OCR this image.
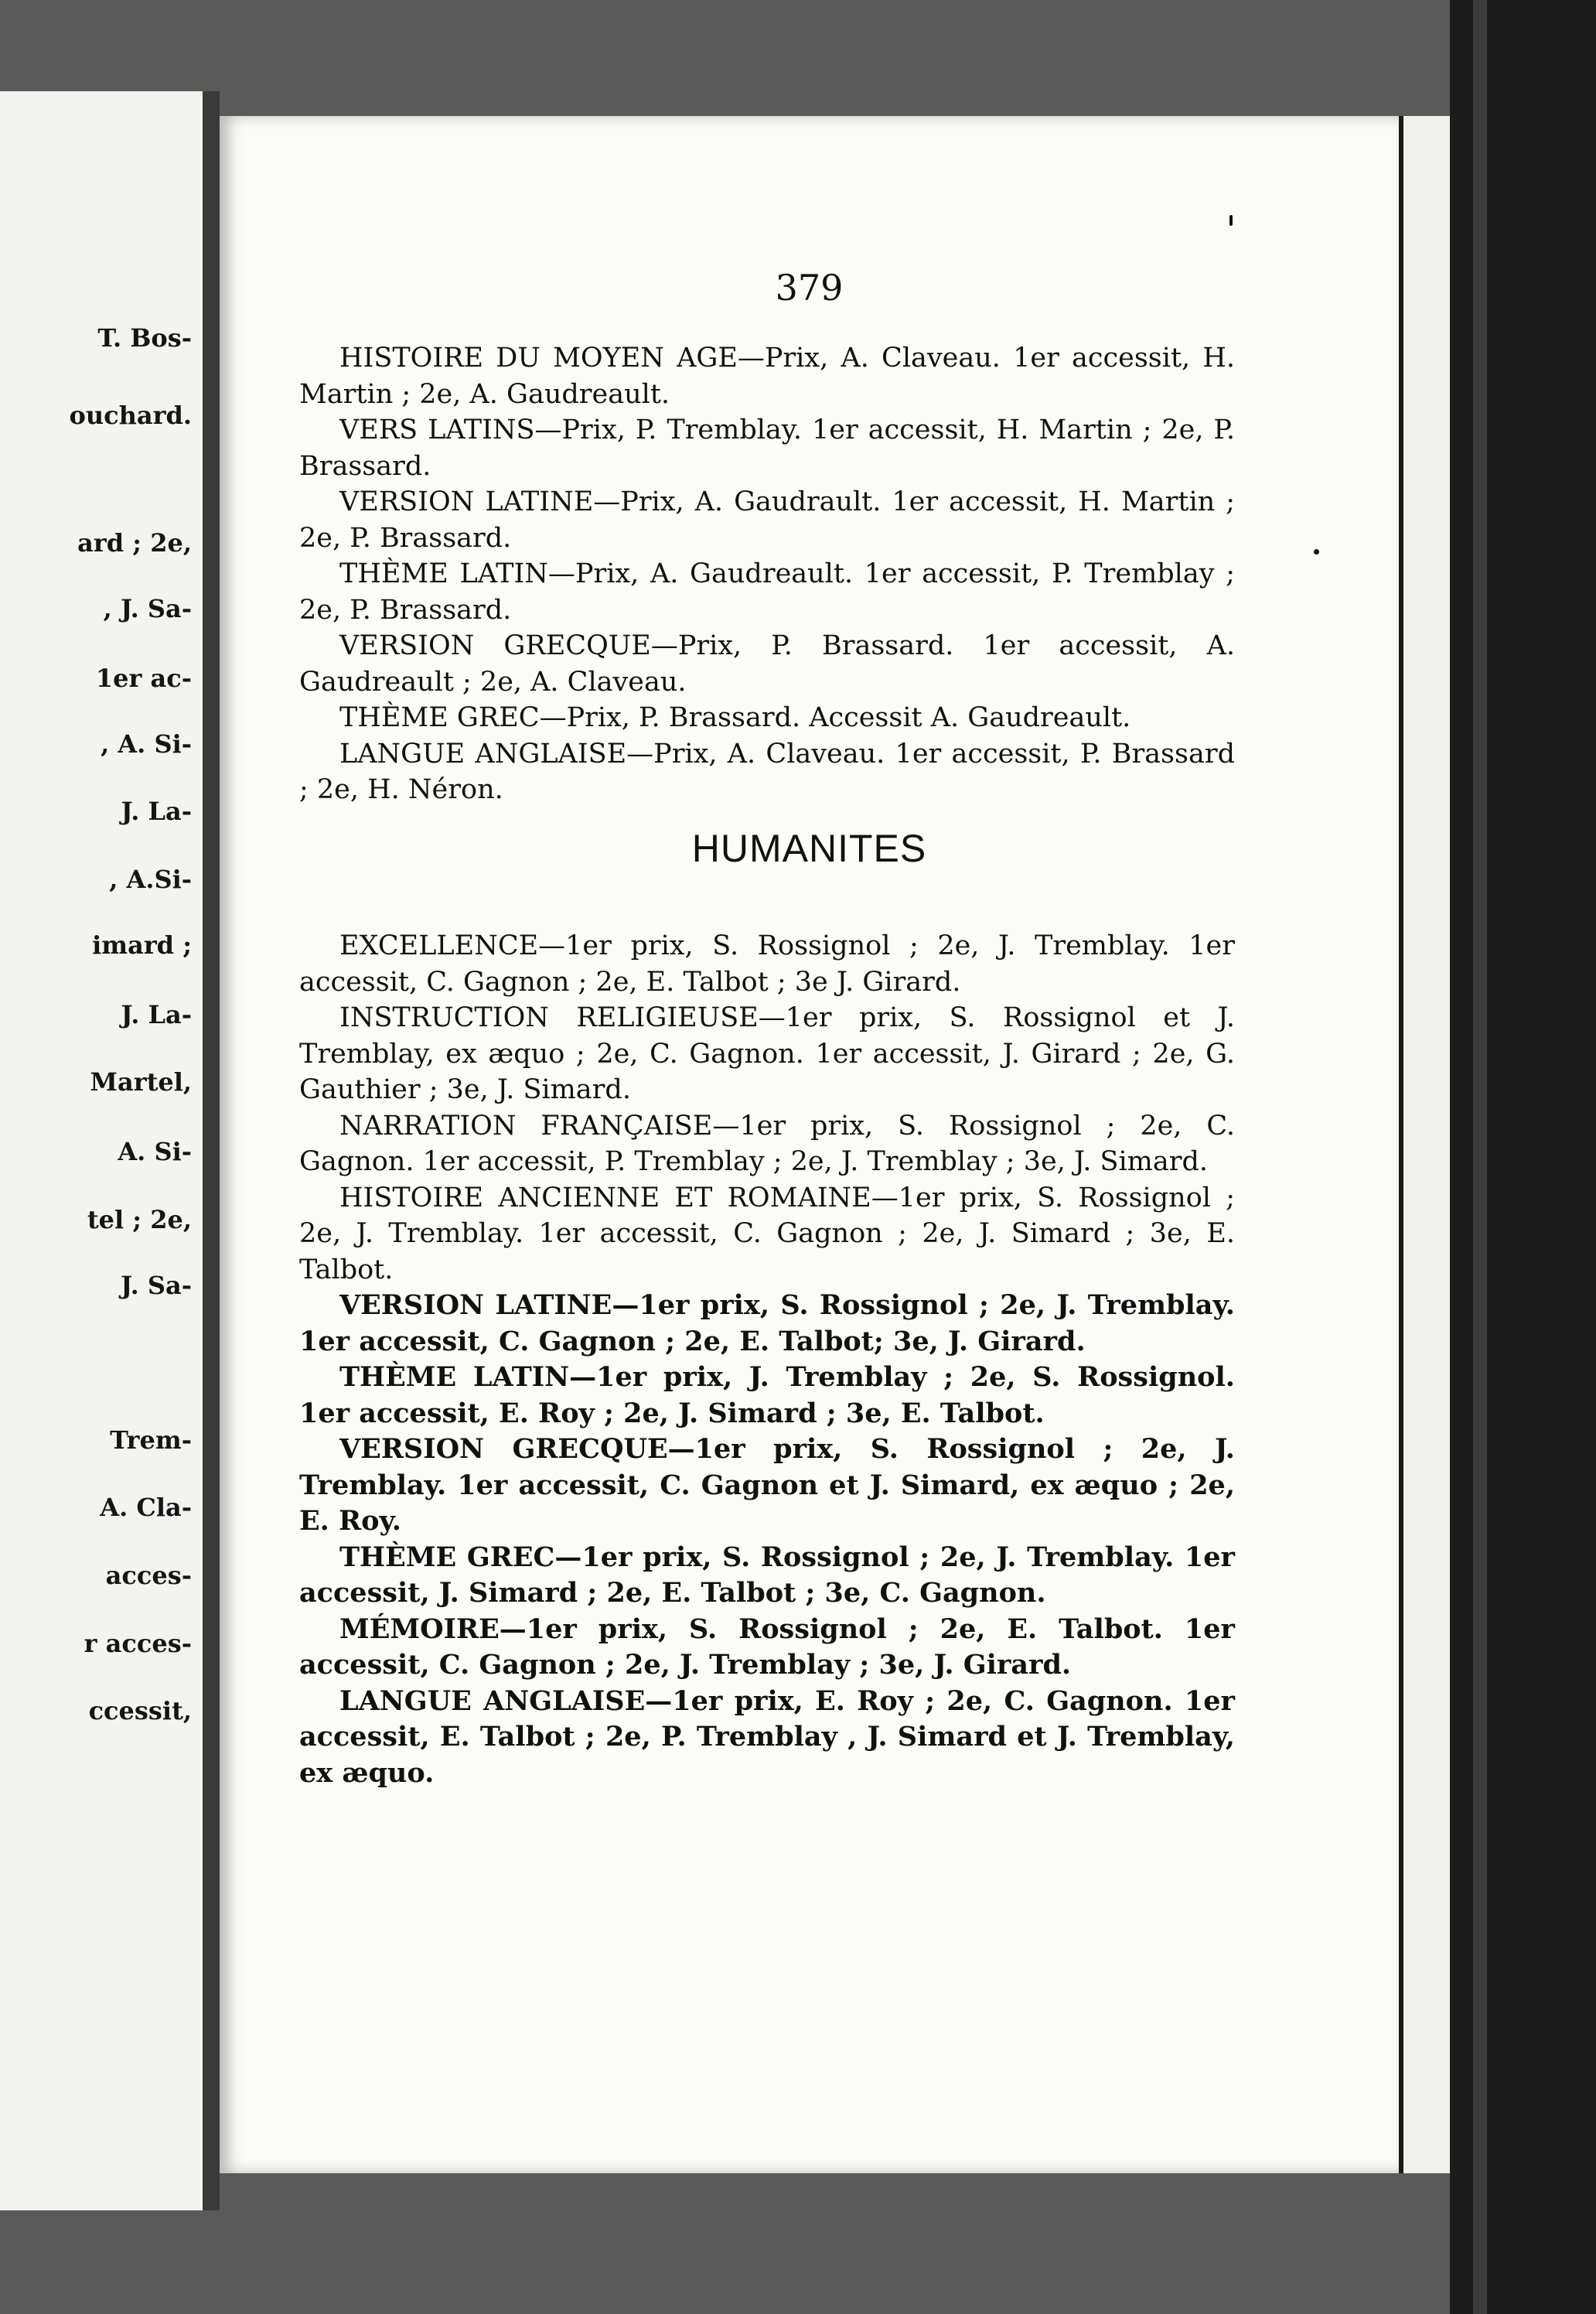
T. Bos-
ouchard.
ard ; 2e,
, J. Sa-
1er ac-
, A. Si-
J. La-
, A.Si-
imard ;
J. La-
Martel,
A. Si-
tel ; 2e,
J. Sa-
Trem-
A. Cla-
acces-
r acces-
ccessit,
379

HISTOIRE DU MOYEN AGE—Prix, A. Claveau. 1er accessit, H. Martin ; 2e, A. Gaudreault.

VERS LATINS—Prix, P. Tremblay. 1er accessit, H. Martin ; 2e, P. Brassard.

VERSION LATINE—Prix, A. Gaudrault. 1er accessit, H. Martin ; 2e, P. Brassard.

THÈME LATIN—Prix, A. Gaudreault. 1er accessit, P. Tremblay ; 2e, P. Brassard.

VERSION GRECQUE—Prix, P. Brassard. 1er accessit, A. Gaudreault ; 2e, A. Claveau.

THÈME GREC—Prix, P. Brassard. Accessit A. Gaudreault.

LANGUE ANGLAISE—Prix, A. Claveau. 1er accessit, P. Brassard ; 2e, H. Néron.

HUMANITES

EXCELLENCE—1er prix, S. Rossignol ; 2e, J. Tremblay. 1er accessit, C. Gagnon ; 2e, E. Talbot ; 3e J. Girard.

INSTRUCTION RELIGIEUSE—1er prix, S. Rossignol et J. Tremblay, ex æquo ; 2e, C. Gagnon. 1er accessit, J. Girard ; 2e, G. Gauthier ; 3e, J. Simard.

NARRATION FRANÇAISE—1er prix, S. Rossignol ; 2e, C. Gagnon. 1er accessit, P. Tremblay ; 2e, J. Tremblay ; 3e, J. Simard.

HISTOIRE ANCIENNE ET ROMAINE—1er prix, S. Rossignol ; 2e, J. Tremblay. 1er accessit, C. Gagnon ; 2e, J. Simard ; 3e, E. Talbot.

VERSION LATINE—1er prix, S. Rossignol ; 2e, J. Tremblay. 1er accessit, C. Gagnon ; 2e, E. Talbot; 3e, J. Girard.

THÈME LATIN—1er prix, J. Tremblay ; 2e, S. Rossignol. 1er accessit, E. Roy ; 2e, J. Simard ; 3e, E. Talbot.

VERSION GRECQUE—1er prix, S. Rossignol ; 2e, J. Tremblay. 1er accessit, C. Gagnon et J. Simard, ex æquo ; 2e, E. Roy.

THÈME GREC—1er prix, S. Rossignol ; 2e, J. Tremblay. 1er accessit, J. Simard ; 2e, E. Talbot ; 3e, C. Gagnon.

MÉMOIRE—1er prix, S. Rossignol ; 2e, E. Talbot. 1er accessit, C. Gagnon ; 2e, J. Tremblay ; 3e, J. Girard.

LANGUE ANGLAISE—1er prix, E. Roy ; 2e, C. Gagnon. 1er accessit, E. Talbot ; 2e, P. Tremblay , J. Simard et J. Tremblay, ex æquo.
